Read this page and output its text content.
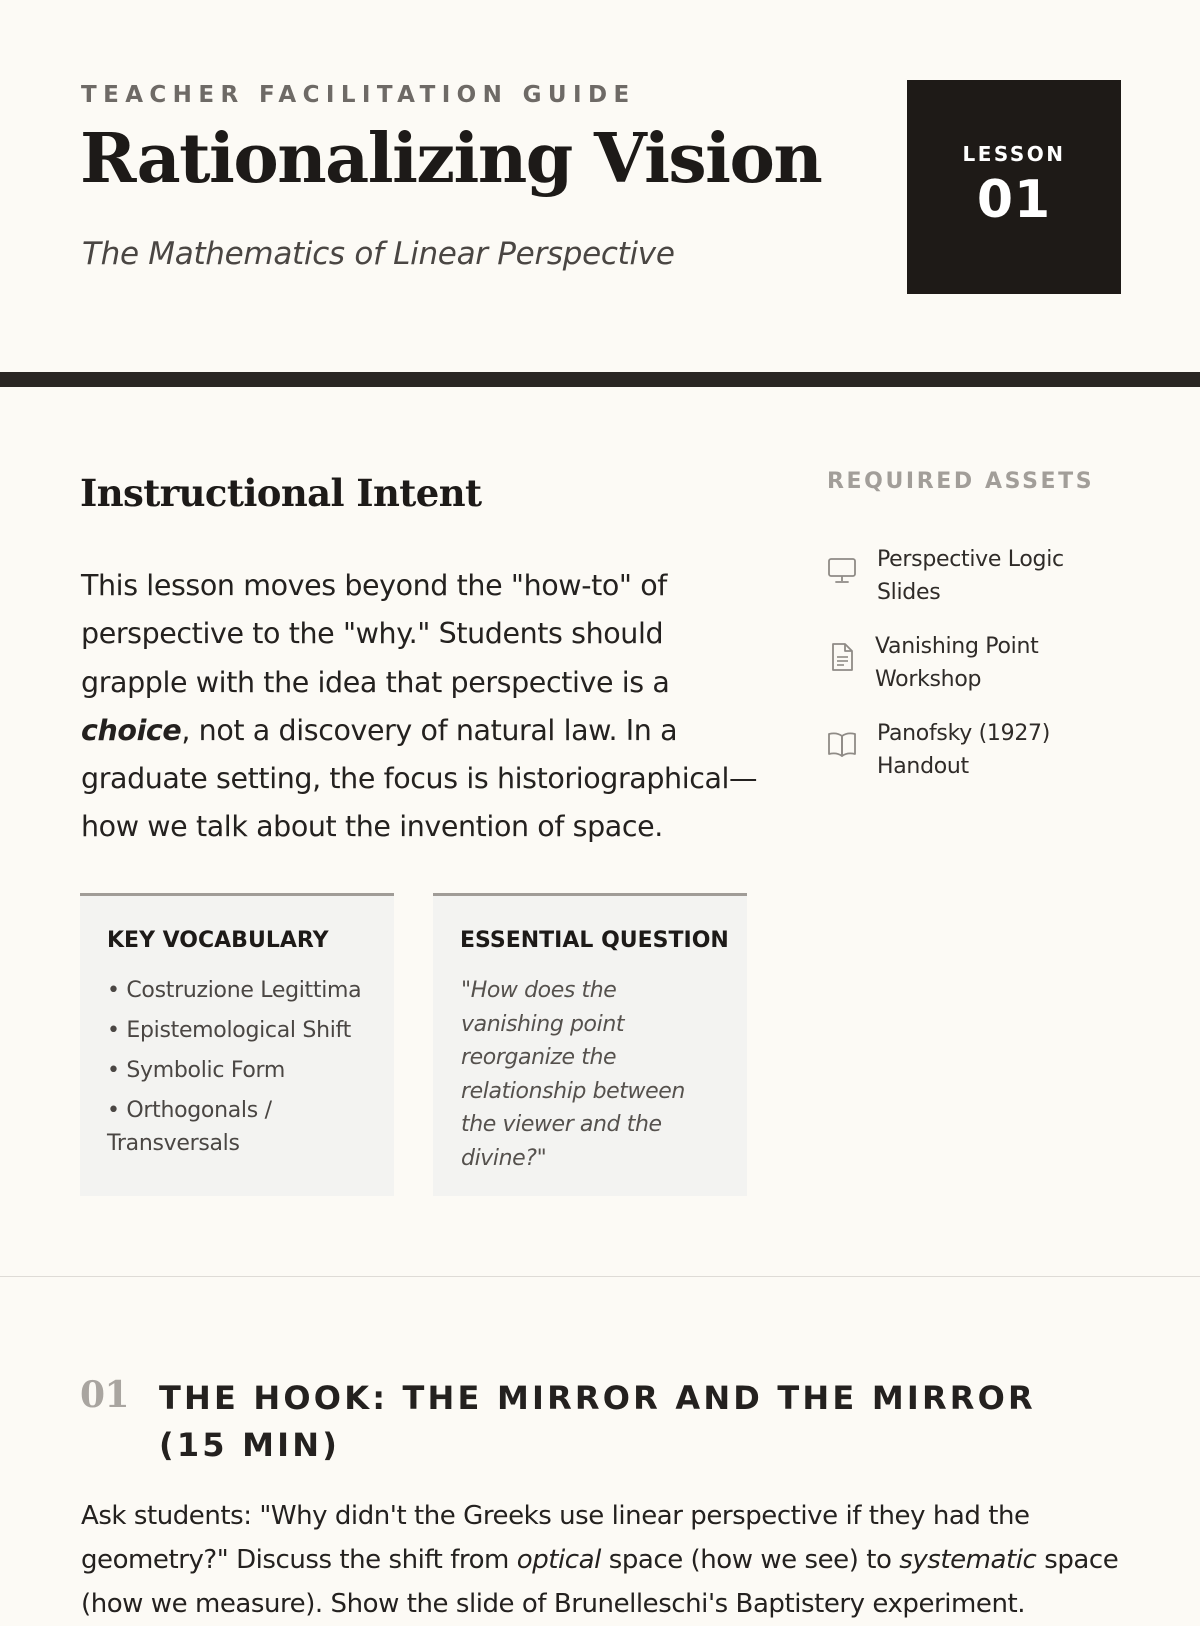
TEACHER FACILITATION GUIDE
Rationalizing Vision
The Mathematics of Linear Perspective
LESSON
01
Instructional Intent

This lesson moves beyond the "how-to" of perspective to the "why." Students should grapple with the idea that perspective is a choice, not a discovery of natural law. In a graduate setting, the focus is historiographical—how we talk about the invention of space.

KEY VOCABULARY
• Costruzione Legittima
• Epistemological Shift
• Symbolic Form
• Orthogonals / Transversals
ESSENTIAL QUESTION
"How does the vanishing point reorganize the relationship between the viewer and the divine?"
REQUIRED ASSETS
Perspective Logic Slides
Vanishing Point Workshop
Panofsky (1927) Handout
01 THE HOOK: THE MIRROR AND THE MIRROR (15 MIN)

Ask students: "Why didn't the Greeks use linear perspective if they had the geometry?" Discuss the shift from optical space (how we see) to systematic space (how we measure). Show the slide of Brunelleschi's Baptistery experiment.
